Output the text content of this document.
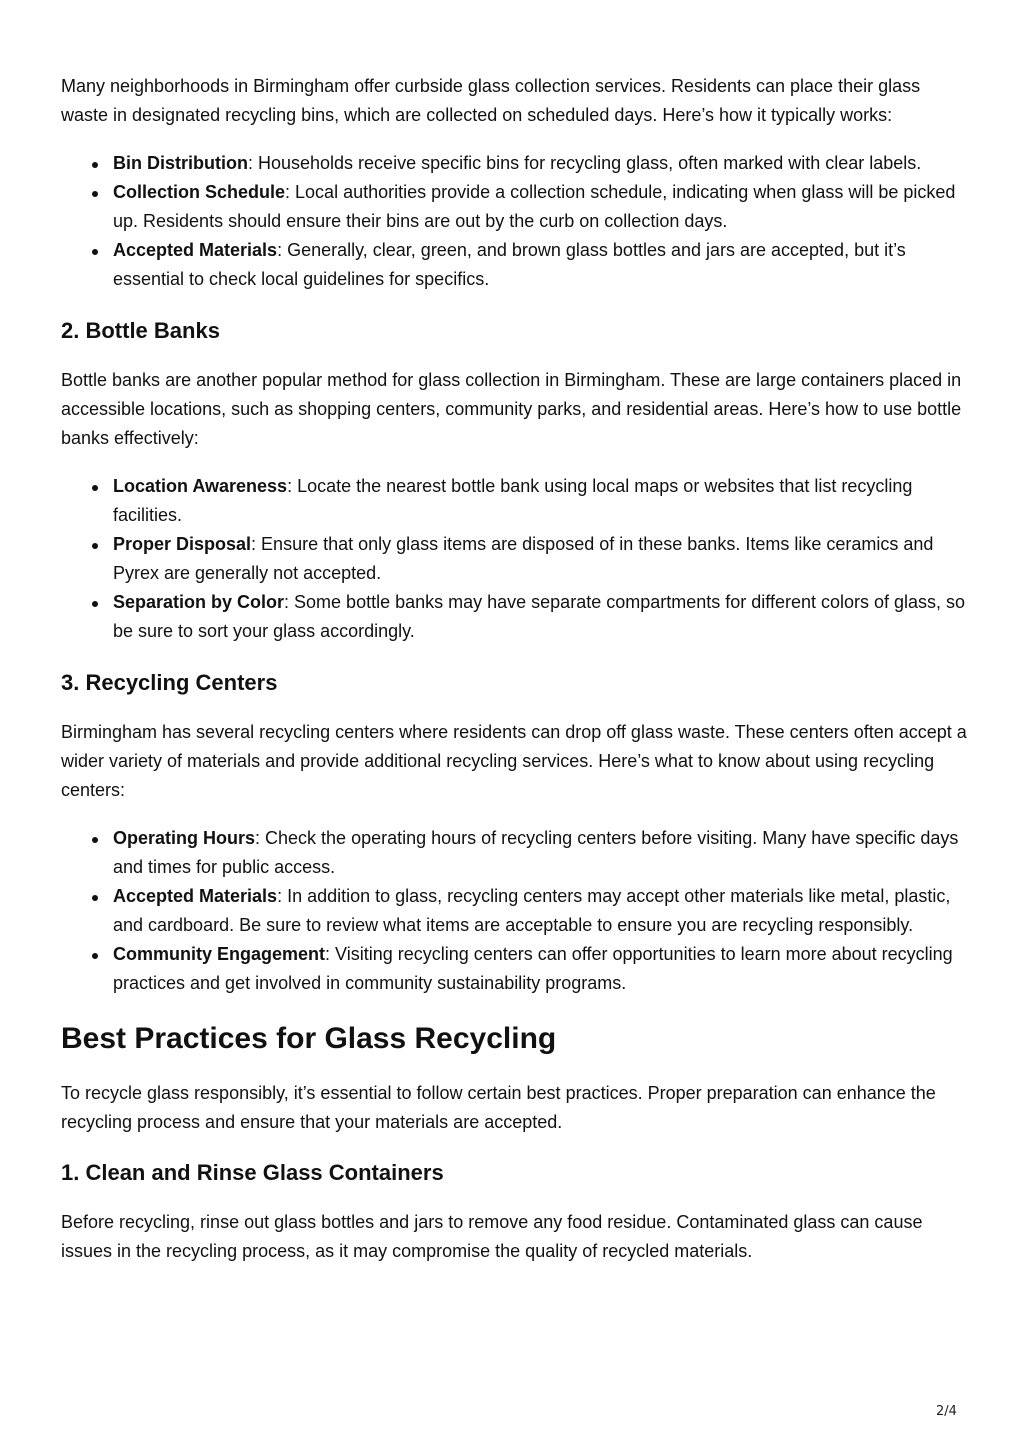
Many neighborhoods in Birmingham offer curbside glass collection services. Residents can place their glass waste in designated recycling bins, which are collected on scheduled days. Here’s how it typically works:

Bin Distribution: Households receive specific bins for recycling glass, often marked with clear labels.
Collection Schedule: Local authorities provide a collection schedule, indicating when glass will be picked up. Residents should ensure their bins are out by the curb on collection days.
Accepted Materials: Generally, clear, green, and brown glass bottles and jars are accepted, but it’s essential to check local guidelines for specifics.
2. Bottle Banks

Bottle banks are another popular method for glass collection in Birmingham. These are large containers placed in accessible locations, such as shopping centers, community parks, and residential areas. Here’s how to use bottle banks effectively:

Location Awareness: Locate the nearest bottle bank using local maps or websites that list recycling facilities.
Proper Disposal: Ensure that only glass items are disposed of in these banks. Items like ceramics and Pyrex are generally not accepted.
Separation by Color: Some bottle banks may have separate compartments for different colors of glass, so be sure to sort your glass accordingly.
3. Recycling Centers

Birmingham has several recycling centers where residents can drop off glass waste. These centers often accept a wider variety of materials and provide additional recycling services. Here’s what to know about using recycling centers:

Operating Hours: Check the operating hours of recycling centers before visiting. Many have specific days and times for public access.
Accepted Materials: In addition to glass, recycling centers may accept other materials like metal, plastic, and cardboard. Be sure to review what items are acceptable to ensure you are recycling responsibly.
Community Engagement: Visiting recycling centers can offer opportunities to learn more about recycling practices and get involved in community sustainability programs.
Best Practices for Glass Recycling

To recycle glass responsibly, it’s essential to follow certain best practices. Proper preparation can enhance the recycling process and ensure that your materials are accepted.

1. Clean and Rinse Glass Containers

Before recycling, rinse out glass bottles and jars to remove any food residue. Contaminated glass can cause issues in the recycling process, as it may compromise the quality of recycled materials.

2/4
